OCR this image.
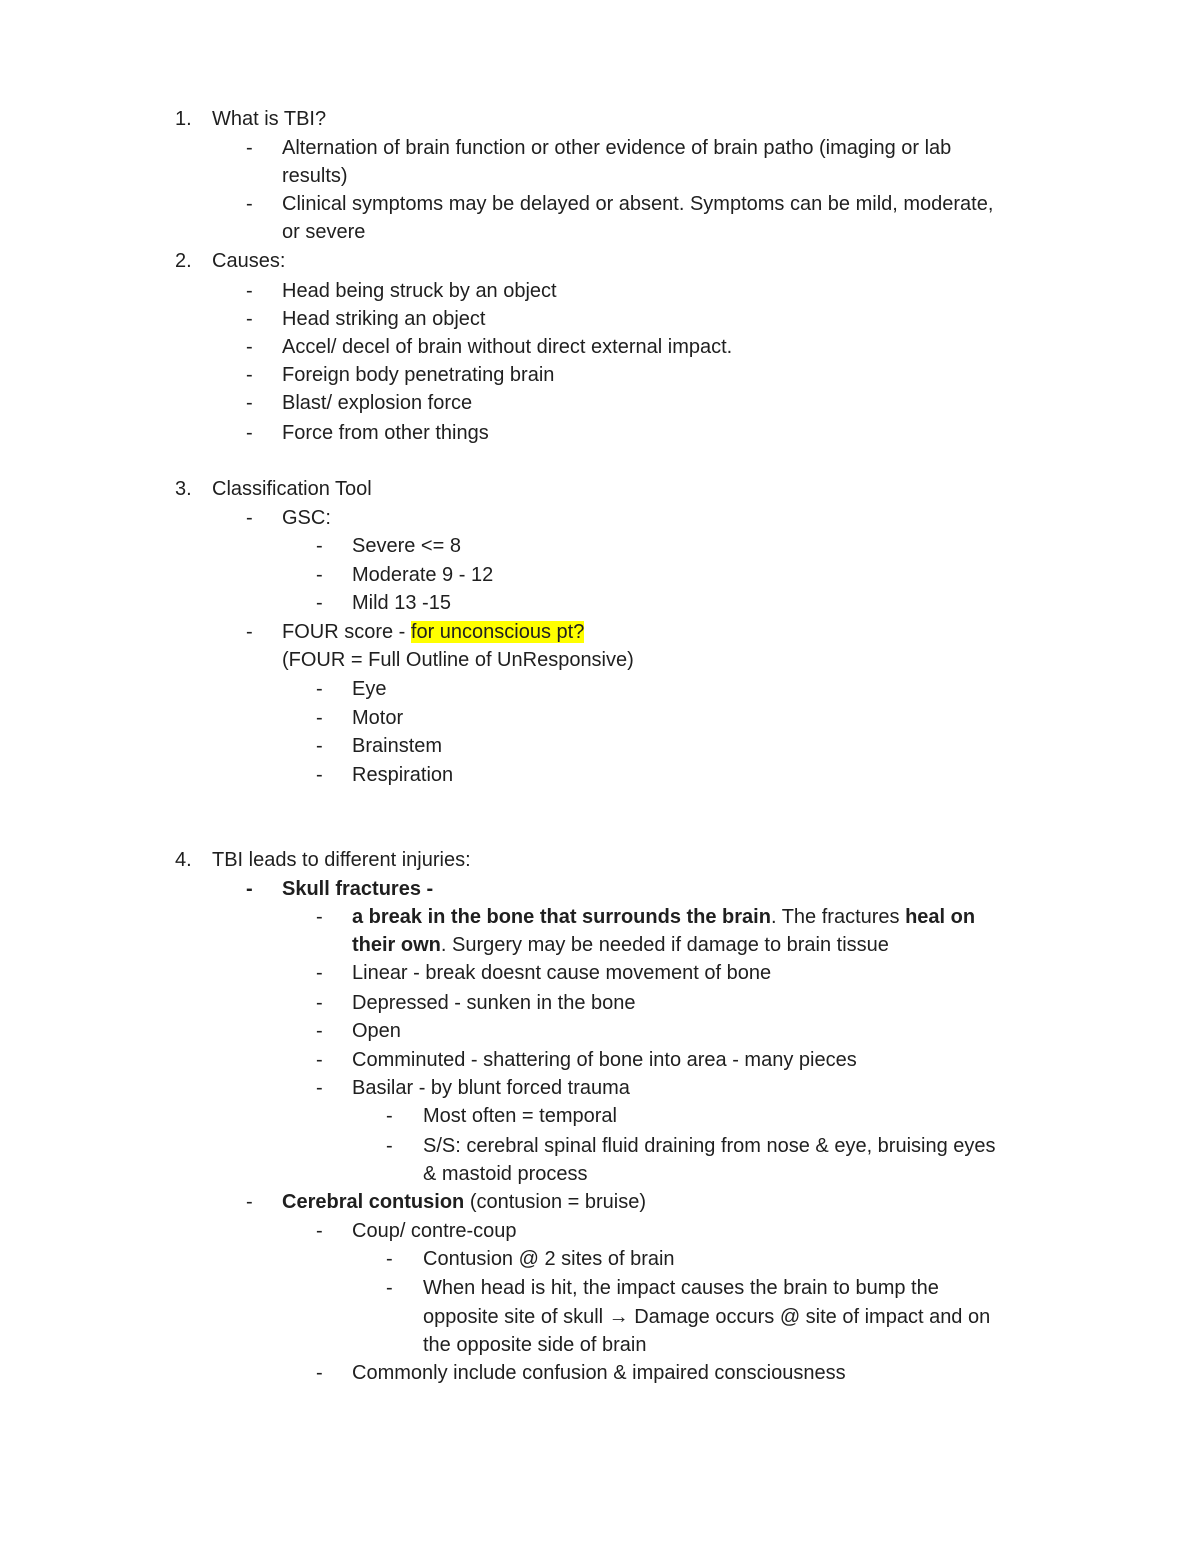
1. What is TBI?
- Alternation of brain function or other evidence of brain patho (imaging or lab
results)
- Clinical symptoms may be delayed or absent. Symptoms can be mild, moderate,
or severe
2. Causes:
- Head being struck by an object
- Head striking an object
- Accel/ decel of brain without direct external impact.
- Foreign body penetrating brain
- Blast/ explosion force
- Force from other things
3. Classification Tool
- GSC:
- Severe <= 8
- Moderate 9 - 12
- Mild 13 -15
- FOUR score - for unconscious pt?
(FOUR = Full Outline of UnResponsive)
- Eye
- Motor
- Brainstem
- Respiration
4. TBI leads to different injuries:
- Skull fractures -
- a break in the bone that surrounds the brain. The fractures heal on
their own. Surgery may be needed if damage to brain tissue
- Linear - break doesnt cause movement of bone
- Depressed - sunken in the bone
- Open
- Comminuted - shattering of bone into area - many pieces
- Basilar - by blunt forced trauma
- Most often = temporal
- S/S: cerebral spinal fluid draining from nose & eye, bruising eyes
& mastoid process
- Cerebral contusion (contusion = bruise)
- Coup/ contre-coup
- Contusion @ 2 sites of brain
- When head is hit, the impact causes the brain to bump the
opposite site of skull → Damage occurs @ site of impact and on
the opposite side of brain
- Commonly include confusion & impaired consciousness
